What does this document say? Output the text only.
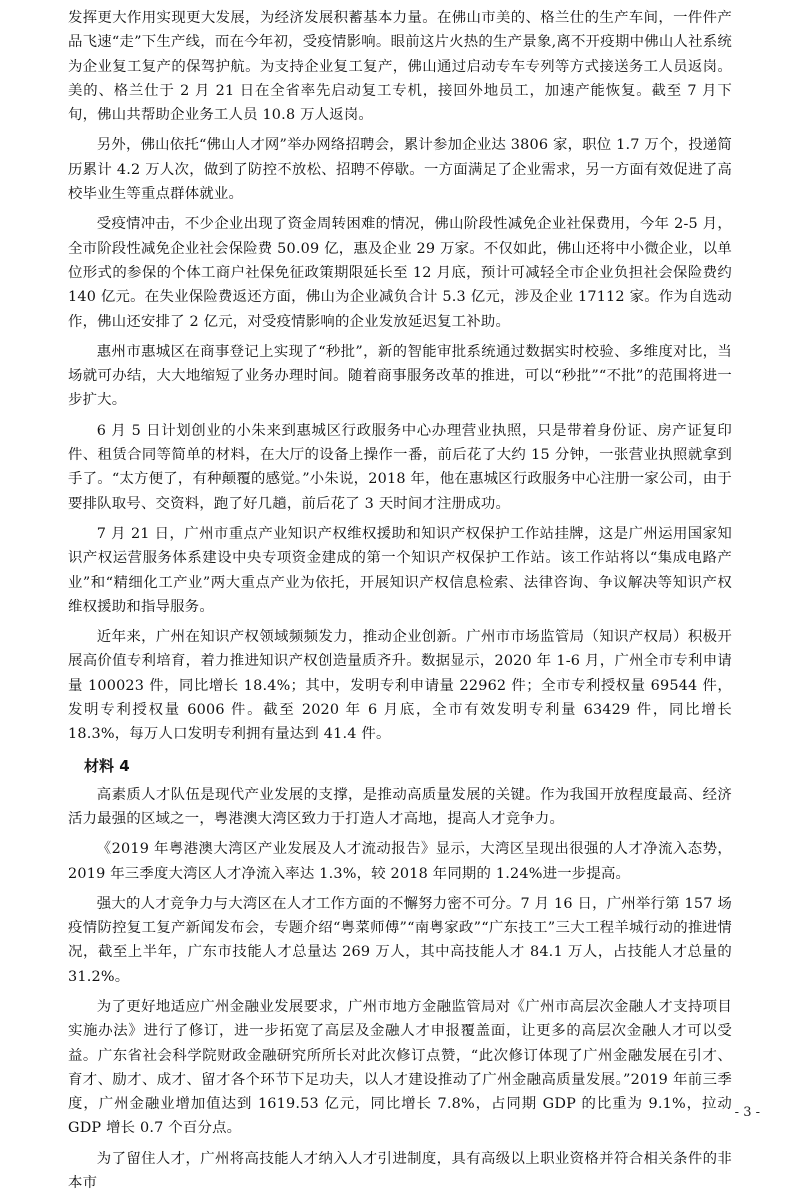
发挥更大作用实现更大发展，为经济发展积蓄基本力量。在佛山市美的、格兰仕的生产车间，一件件产品飞速“走”下生产线，而在今年初，受疫情影响。眼前这片火热的生产景象,离不开疫期中佛山人社系统为企业复工复产的保驾护航。为支持企业复工复产，佛山通过启动专车专列等方式接送务工人员返岗。美的、格兰仕于 2 月 21 日在全省率先启动复工专机，接回外地员工，加速产能恢复。截至 7 月下旬，佛山共帮助企业务工人员 10.8 万人返岗。

另外，佛山依托“佛山人才网”举办网络招聘会，累计参加企业达 3806 家，职位 1.7 万个，投递简历累计 4.2 万人次，做到了防控不放松、招聘不停歇。一方面满足了企业需求，另一方面有效促进了高校毕业生等重点群体就业。

受疫情冲击，不少企业出现了资金周转困难的情况，佛山阶段性减免企业社保费用，今年 2-5 月，全市阶段性减免企业社会保险费 50.09 亿，惠及企业 29 万家。不仅如此，佛山还将中小微企业，以单位形式的参保的个体工商户社保免征政策期限延长至 12 月底，预计可减轻全市企业负担社会保险费约 140 亿元。在失业保险费返还方面，佛山为企业减负合计 5.3 亿元，涉及企业 17112 家。作为自选动作，佛山还安排了 2 亿元，对受疫情影响的企业发放延迟复工补助。

惠州市惠城区在商事登记上实现了“秒批”，新的智能审批系统通过数据实时校验、多维度对比，当场就可办结，大大地缩短了业务办理时间。随着商事服务改革的推进，可以“秒批”“不批”的范围将进一步扩大。

6 月 5 日计划创业的小朱来到惠城区行政服务中心办理营业执照，只是带着身份证、房产证复印件、租赁合同等简单的材料，在大厅的设备上操作一番，前后花了大约 15 分钟，一张营业执照就拿到手了。“太方便了，有种颠覆的感觉。”小朱说，2018 年，他在惠城区行政服务中心注册一家公司，由于要排队取号、交资料，跑了好几趟，前后花了 3 天时间才注册成功。

7 月 21 日，广州市重点产业知识产权维权援助和知识产权保护工作站挂牌，这是广州运用国家知识产权运营服务体系建设中央专项资金建成的第一个知识产权保护工作站。该工作站将以“集成电路产业”和“精细化工产业”两大重点产业为依托，开展知识产权信息检索、法律咨询、争议解决等知识产权维权援助和指导服务。

近年来，广州在知识产权领域频频发力，推动企业创新。广州市市场监管局（知识产权局）积极开展高价值专利培育，着力推进知识产权创造量质齐升。数据显示，2020 年 1-6 月，广州全市专利申请量 100023 件，同比增长 18.4%；其中，发明专利申请量 22962 件；全市专利授权量 69544 件，发明专利授权量 6006 件。截至 2020 年 6 月底，全市有效发明专利量 63429 件，同比增长 18.3%，每万人口发明专利拥有量达到 41.4 件。

材料 4

高素质人才队伍是现代产业发展的支撑，是推动高质量发展的关键。作为我国开放程度最高、经济活力最强的区域之一，粤港澳大湾区致力于打造人才高地，提高人才竞争力。

《2019 年粤港澳大湾区产业发展及人才流动报告》显示，大湾区呈现出很强的人才净流入态势，2019 年三季度大湾区人才净流入率达 1.3%，较 2018 年同期的 1.24%进一步提高。

强大的人才竞争力与大湾区在人才工作方面的不懈努力密不可分。7 月 16 日，广州举行第 157 场疫情防控复工复产新闻发布会，专题介绍“粤菜师傅”“南粤家政”“广东技工”三大工程羊城行动的推进情况，截至上半年，广东市技能人才总量达 269 万人，其中高技能人才 84.1 万人，占技能人才总量的 31.2%。

为了更好地适应广州金融业发展要求，广州市地方金融监管局对《广州市高层次金融人才支持项目实施办法》进行了修订，进一步拓宽了高层及金融人才申报覆盖面，让更多的高层次金融人才可以受益。广东省社会科学院财政金融研究所所长对此次修订点赞，“此次修订体现了广州金融发展在引才、育才、励才、成才、留才各个环节下足功夫，以人才建设推动了广州金融高质量发展。”2019 年前三季度，广州金融业增加值达到 1619.53 亿元，同比增长 7.8%，占同期 GDP 的比重为 9.1%，拉动 GDP 增长 0.7 个百分点。

为了留住人才，广州将高技能人才纳入人才引进制度，具有高级以上职业资格并符合相关条件的非本市

- 3 -
